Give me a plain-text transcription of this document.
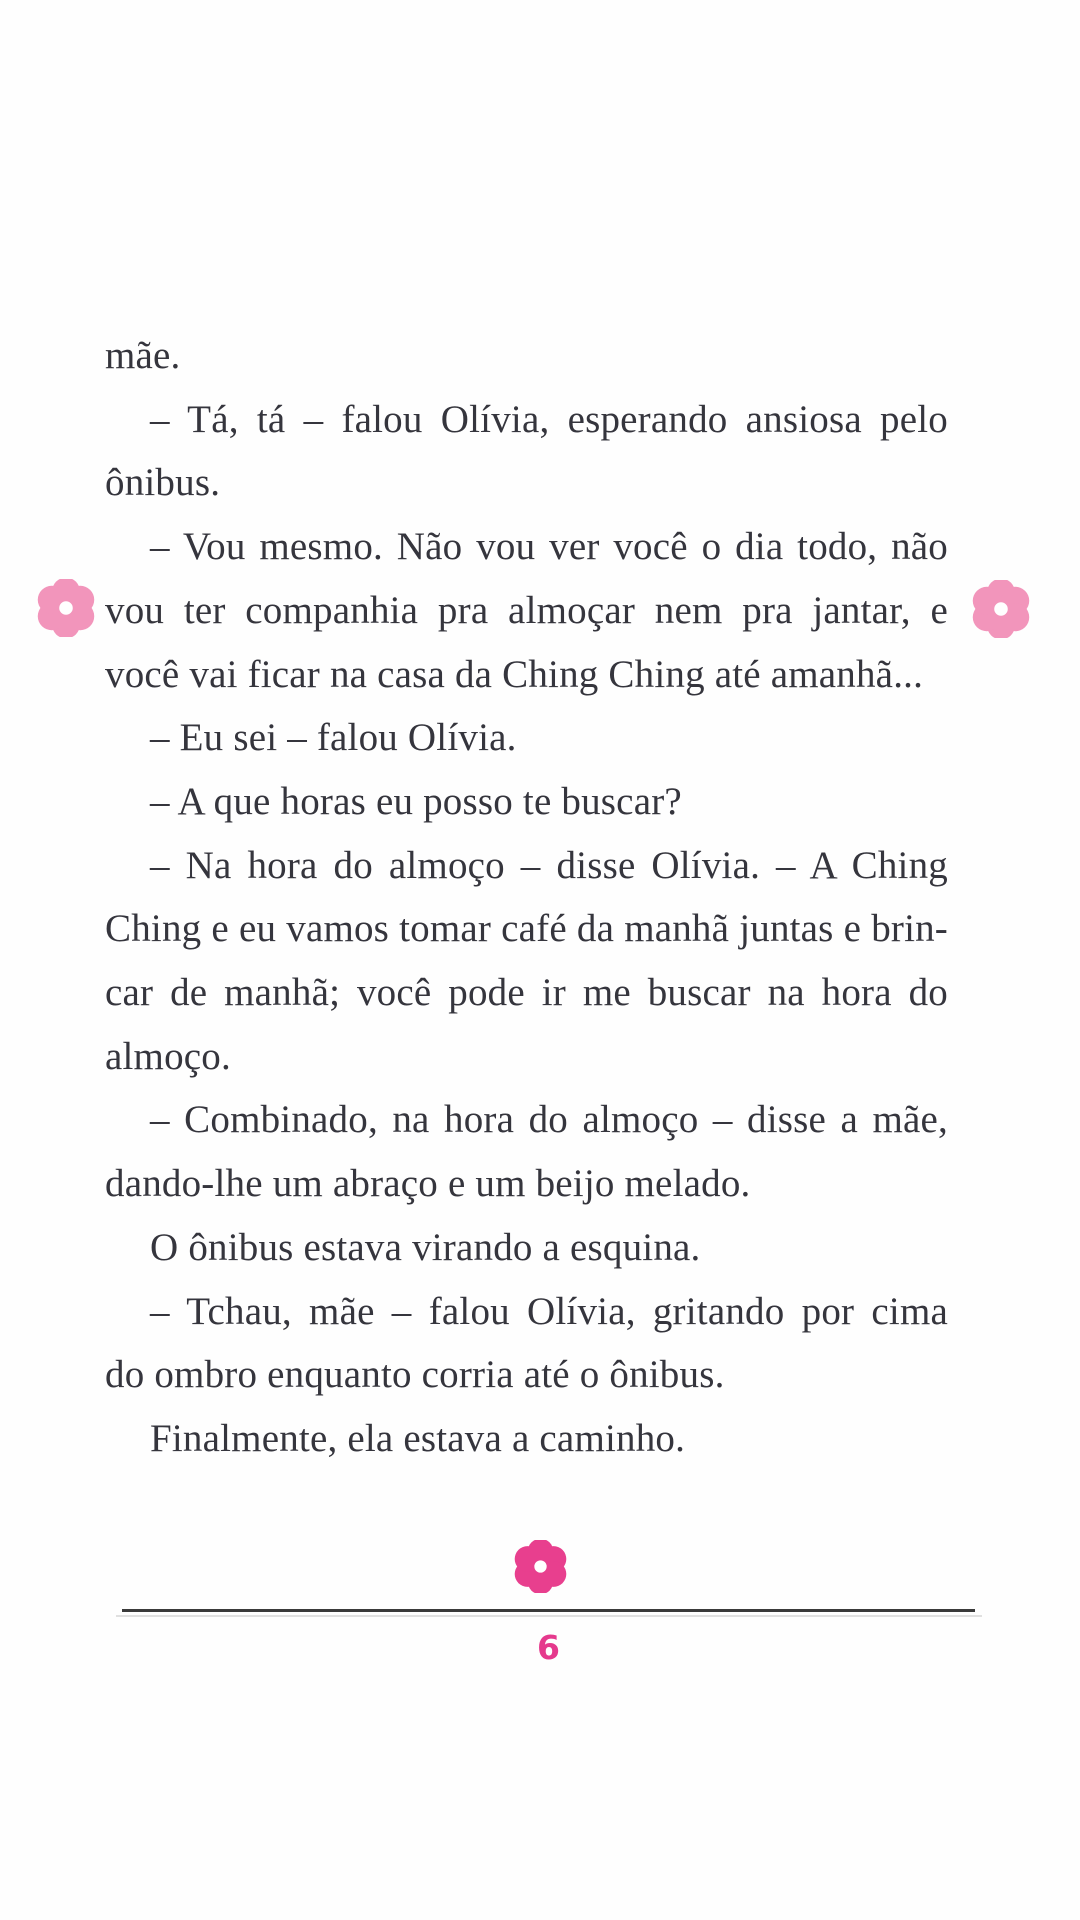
mãe.
– Tá, tá – falou Olívia, esperando ansiosa pelo
ônibus.
– Vou mesmo. Não vou ver você o dia todo, não
vou ter companhia pra almoçar nem pra jantar, e
você vai ficar na casa da Ching Ching até amanhã...
– Eu sei – falou Olívia.
– A que horas eu posso te buscar?
– Na hora do almoço – disse Olívia. – A Ching
Ching e eu vamos tomar café da manhã juntas e brin-
car de manhã; você pode ir me buscar na hora do
almoço.
– Combinado, na hora do almoço – disse a mãe,
dando-lhe um abraço e um beijo melado.
O ônibus estava virando a esquina.
– Tchau, mãe – falou Olívia, gritando por cima
do ombro enquanto corria até o ônibus.
Finalmente, ela estava a caminho.
6
